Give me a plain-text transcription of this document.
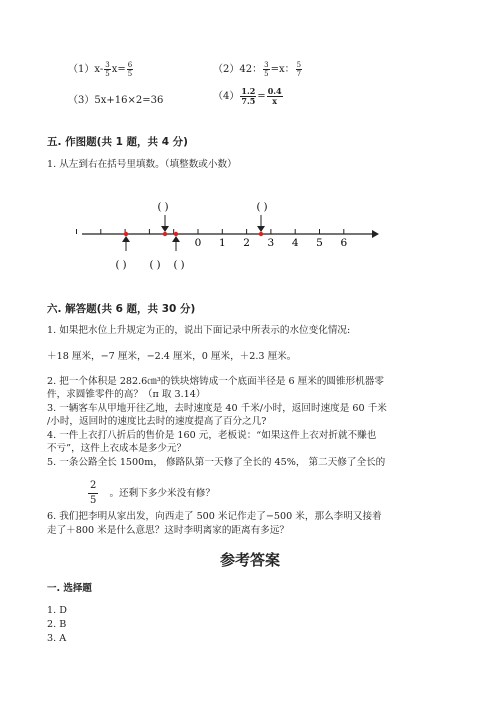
$(1)x- \frac{3}{5} x= \frac{6}{5}$	（2）42： $\frac{3}{5} =x$： $\frac{5}{7}$
（3）5x+16×2=36	$(4) \frac{1.2}{7.5} = \frac{0.4}{x}$
五. 作图题(共 1 题，共 4 分)
1. 从左到右在括号里填数。（填整数或小数）
( )	( )
0 1 2 3 4 5 6
( ) ( ) ( )
六. 解答题(共 6 题，共 30 分)
1. 如果把水位上升规定为正的，说出下面记录中所表示的水位变化情况:
＋18 厘米，−7 厘米，−2.4 厘米，0 厘米，＋2.3 厘米。
2. 把一个体积是 282.6㎝³的铁块熔铸成一个底面半径是 6 厘米的圆锥形机器零
件，求圆锥零件的高？（π 取 3.14）
3. 一辆客车从甲地开往乙地，去时速度是 40 千米/小时，返回时速度是 60 千米
/小时，返回时的速度比去时的速度提高了百分之几?
4. 一件上衣打八折后的售价是 160 元，老板说：“如果这件上衣对折就不赚也
不亏”，这件上衣成本是多少元？
5. 一条公路全长 1500m， 修路队第一天修了全长的 45%， 第二天修了全长的
$\frac{2}{5}$ 。还剩下多少米没有修？
6. 我们把李明从家出发，向西走了 500 米记作走了−500 米，那么李明又接着
走了＋800 米是什么意思？这时李明离家的距离有多远？
参考答案
一. 选择题
1. D
2. B
3. A
